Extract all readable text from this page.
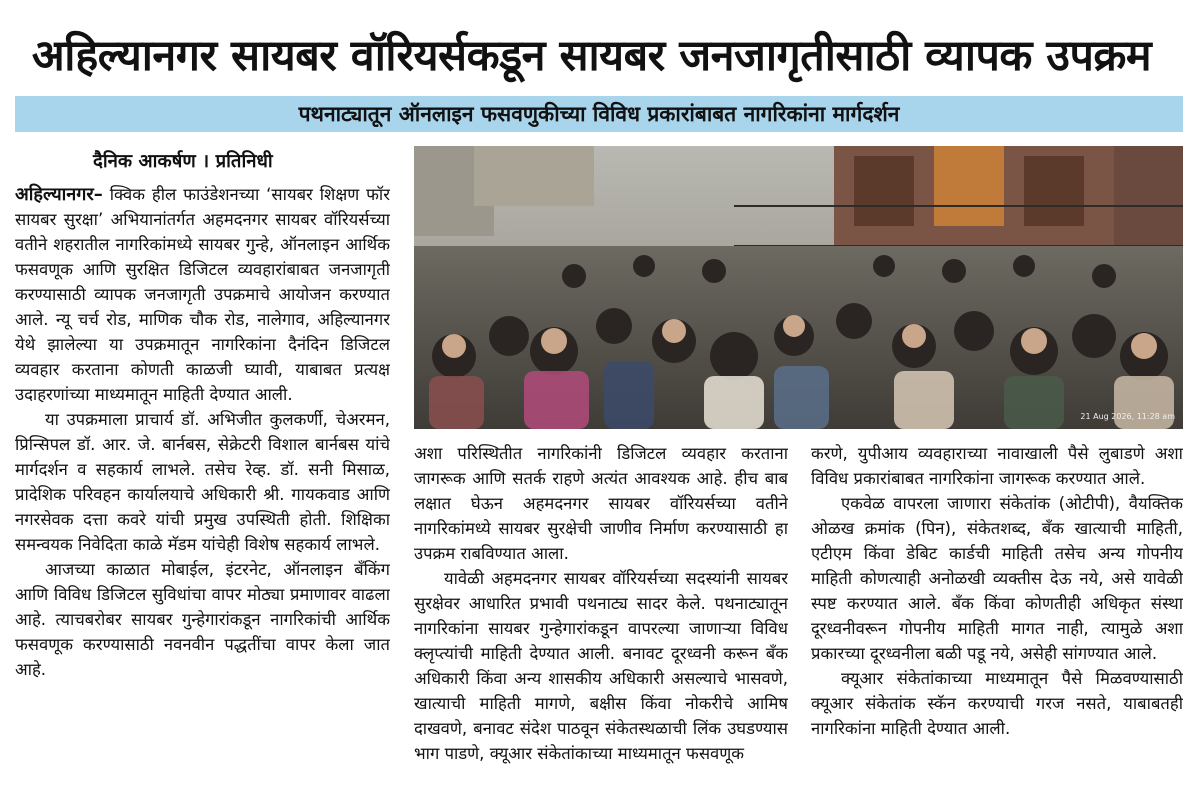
अहिल्यानगर सायबर वॉरियर्सकडून सायबर जनजागृतीसाठी व्यापक उपक्रम
पथनाट्यातून ऑनलाइन फसवणुकीच्या विविध प्रकारांबाबत नागरिकांना मार्गदर्शन
दैनिक आकर्षण । प्रतिनिधी

अहिल्यानगर– क्विक हील फाउंडेशनच्या ‘सायबर शिक्षण फॉर सायबर सुरक्षा’ अभियानांतर्गत अहमदनगर सायबर वॉरियर्सच्या वतीने शहरातील नागरिकांमध्ये सायबर गुन्हे, ऑनलाइन आर्थिक फसवणूक आणि सुरक्षित डिजिटल व्यवहारांबाबत जनजागृती करण्यासाठी व्यापक जनजागृती उपक्रमाचे आयोजन करण्यात आले. न्यू चर्च रोड, माणिक चौक रोड, नालेगाव, अहिल्यानगर येथे झालेल्या या उपक्रमातून नागरिकांना दैनंदिन डिजिटल व्यवहार करताना कोणती काळजी घ्यावी, याबाबत प्रत्यक्ष उदाहरणांच्या माध्यमातून माहिती देण्यात आली.

या उपक्रमाला प्राचार्य डॉ. अभिजीत कुलकर्णी, चेअरमन, प्रिन्सिपल डॉ. आर. जे. बार्नबस, सेक्रेटरी विशाल बार्नबस यांचे मार्गदर्शन व सहकार्य लाभले. तसेच रेव्ह. डॉ. सनी मिसाळ, प्रादेशिक परिवहन कार्यालयाचे अधिकारी श्री. गायकवाड आणि नगरसेवक दत्ता कवरे यांची प्रमुख उपस्थिती होती. शिक्षिका समन्वयक निवेदिता काळे मॅडम यांचेही विशेष सहकार्य लाभले.

आजच्या काळात मोबाईल, इंटरनेट, ऑनलाइन बँकिंग आणि विविध डिजिटल सुविधांचा वापर मोठ्या प्रमाणावर वाढला आहे. त्याचबरोबर सायबर गुन्हेगारांकडून नागरिकांची आर्थिक फसवणूक करण्यासाठी नवनवीन पद्धतींचा वापर केला जात आहे.

21 Aug 2026, 11:28 am

अशा परिस्थितीत नागरिकांनी डिजिटल व्यवहार करताना जागरूक आणि सतर्क राहणे अत्यंत आवश्यक आहे. हीच बाब लक्षात घेऊन अहमदनगर सायबर वॉरियर्सच्या वतीने नागरिकांमध्ये सायबर सुरक्षेची जाणीव निर्माण करण्यासाठी हा उपक्रम राबविण्यात आला.

यावेळी अहमदनगर सायबर वॉरियर्सच्या सदस्यांनी सायबर सुरक्षेवर आधारित प्रभावी पथनाट्य सादर केले. पथनाट्यातून नागरिकांना सायबर गुन्हेगारांकडून वापरल्या जाणाऱ्या विविध क्लृप्त्यांची माहिती देण्यात आली. बनावट दूरध्वनी करून बँक अधिकारी किंवा अन्य शासकीय अधिकारी असल्याचे भासवणे, खात्याची माहिती मागणे, बक्षीस किंवा नोकरीचे आमिष दाखवणे, बनावट संदेश पाठवून संकेतस्थळाची लिंक उघडण्यास भाग पाडणे, क्यूआर संकेतांकाच्या माध्यमातून फसवणूक

करणे, युपीआय व्यवहाराच्या नावाखाली पैसे लुबाडणे अशा विविध प्रकारांबाबत नागरिकांना जागरूक करण्यात आले.

एकवेळ वापरला जाणारा संकेतांक (ओटीपी), वैयक्तिक ओळख क्रमांक (पिन), संकेतशब्द, बँक खात्याची माहिती, एटीएम किंवा डेबिट कार्डची माहिती तसेच अन्य गोपनीय माहिती कोणत्याही अनोळखी व्यक्तीस देऊ नये, असे यावेळी स्पष्ट करण्यात आले. बँक किंवा कोणतीही अधिकृत संस्था दूरध्वनीवरून गोपनीय माहिती मागत नाही, त्यामुळे अशा प्रकारच्या दूरध्वनीला बळी पडू नये, असेही सांगण्यात आले.

क्यूआर संकेतांकाच्या माध्यमातून पैसे मिळवण्यासाठी क्यूआर संकेतांक स्कॅन करण्याची गरज नसते, याबाबतही नागरिकांना माहिती देण्यात आली.
